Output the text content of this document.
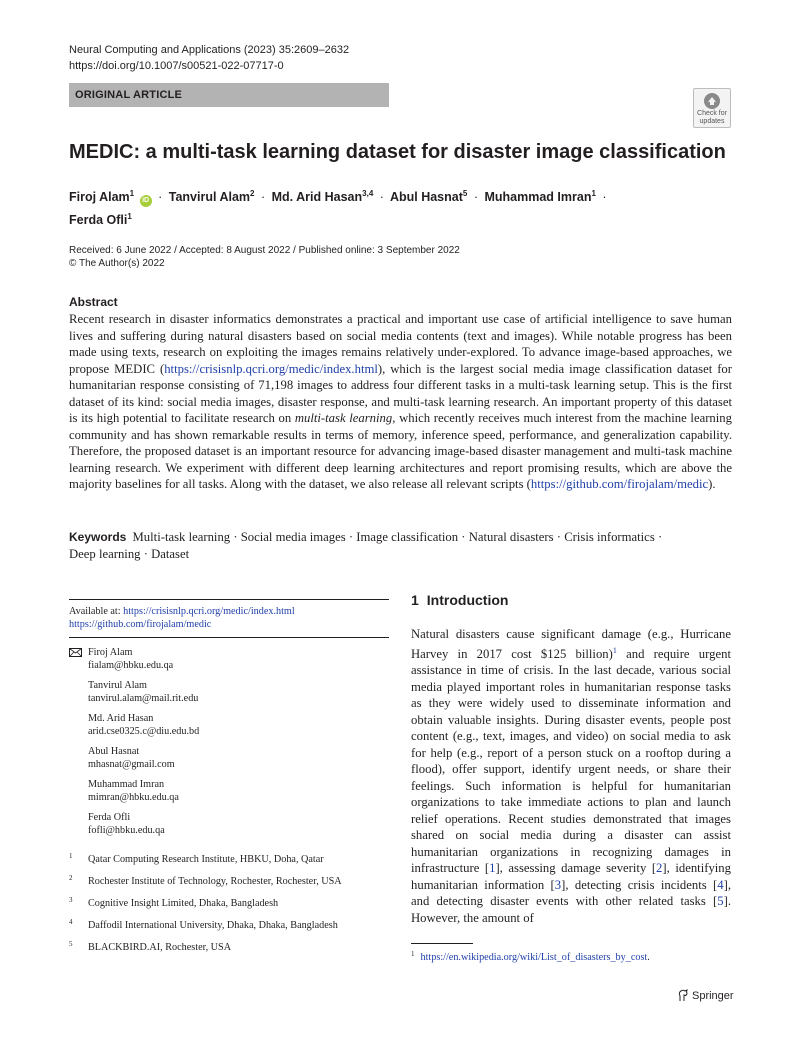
Neural Computing and Applications (2023) 35:2609–2632
https://doi.org/10.1007/s00521-022-07717-0
ORIGINAL ARTICLE
Check for
updates
MEDIC: a multi-task learning dataset for disaster image classification
Firoj Alam$^1$ iD · Tanvirul Alam$^2$ · Md. Arid Hasan$^{3,4}$ · Abul Hasnat$^5$ · Muhammad Imran$^1$ ·
Ferda Ofli$^1$
Received: 6 June 2022 / Accepted: 8 August 2022 / Published online: 3 September 2022
© The Author(s) 2022
Abstract

Recent research in disaster informatics demonstrates a practical and important use case of artificial intelligence to save human lives and suffering during natural disasters based on social media contents (text and images). While notable progress has been made using texts, research on exploiting the images remains relatively under-explored. To advance image-based approaches, we propose MEDIC (https://crisisnlp.qcri.org/medic/index.html), which is the largest social media image classification dataset for humanitarian response consisting of 71,198 images to address four different tasks in a multi-task learning setup. This is the first dataset of its kind: social media images, disaster response, and multi-task learning research. An important property of this dataset is its high potential to facilitate research on multi-task learning, which recently receives much interest from the machine learning community and has shown remarkable results in terms of memory, inference speed, performance, and generalization capability. Therefore, the proposed dataset is an important resource for advancing image-based disaster management and multi-task machine learning research. We experiment with different deep learning architectures and report promising results, which are above the majority baselines for all tasks. Along with the dataset, we also release all relevant scripts (https://github.com/firojalam/medic).

Keywords Multi-task learning · Social media images · Image classification · Natural disasters · Crisis informatics ·
Deep learning · Dataset
Available at: https://crisisnlp.qcri.org/medic/index.html
https://github.com/firojalam/medic
Firoj Alam
fialam@hbku.edu.qa
Tanvirul Alam
tanvirul.alam@mail.rit.edu
Md. Arid Hasan
arid.cse0325.c@diu.edu.bd
Abul Hasnat
mhasnat@gmail.com
Muhammad Imran
mimran@hbku.edu.qa
Ferda Ofli
fofli@hbku.edu.qa
1 Qatar Computing Research Institute, HBKU, Doha, Qatar
2 Rochester Institute of Technology, Rochester, Rochester, USA
3 Cognitive Insight Limited, Dhaka, Bangladesh
4 Daffodil International University, Dhaka, Dhaka, Bangladesh
5 BLACKBIRD.AI, Rochester, USA
1 Introduction

Natural disasters cause significant damage (e.g., Hurricane Harvey in 2017 cost $125 billion)$^1$ and require urgent assistance in time of crisis. In the last decade, various social media played important roles in humanitarian response tasks as they were widely used to disseminate information and obtain valuable insights. During disaster events, people post content (e.g., text, images, and video) on social media to ask for help (e.g., report of a person stuck on a rooftop during a flood), offer support, identify urgent needs, or share their feelings. Such information is helpful for humanitarian organizations to take immediate actions to plan and launch relief operations. Recent studies demonstrated that images shared on social media during a disaster can assist humanitarian organizations in recognizing damages in infrastructure [1], assessing damage severity [2], identifying humanitarian information [3], detecting crisis incidents [4], and detecting disaster events with other related tasks [5]. However, the amount of

$^1$ https://en.wikipedia.org/wiki/List_of_disasters_by_cost.
Springer
